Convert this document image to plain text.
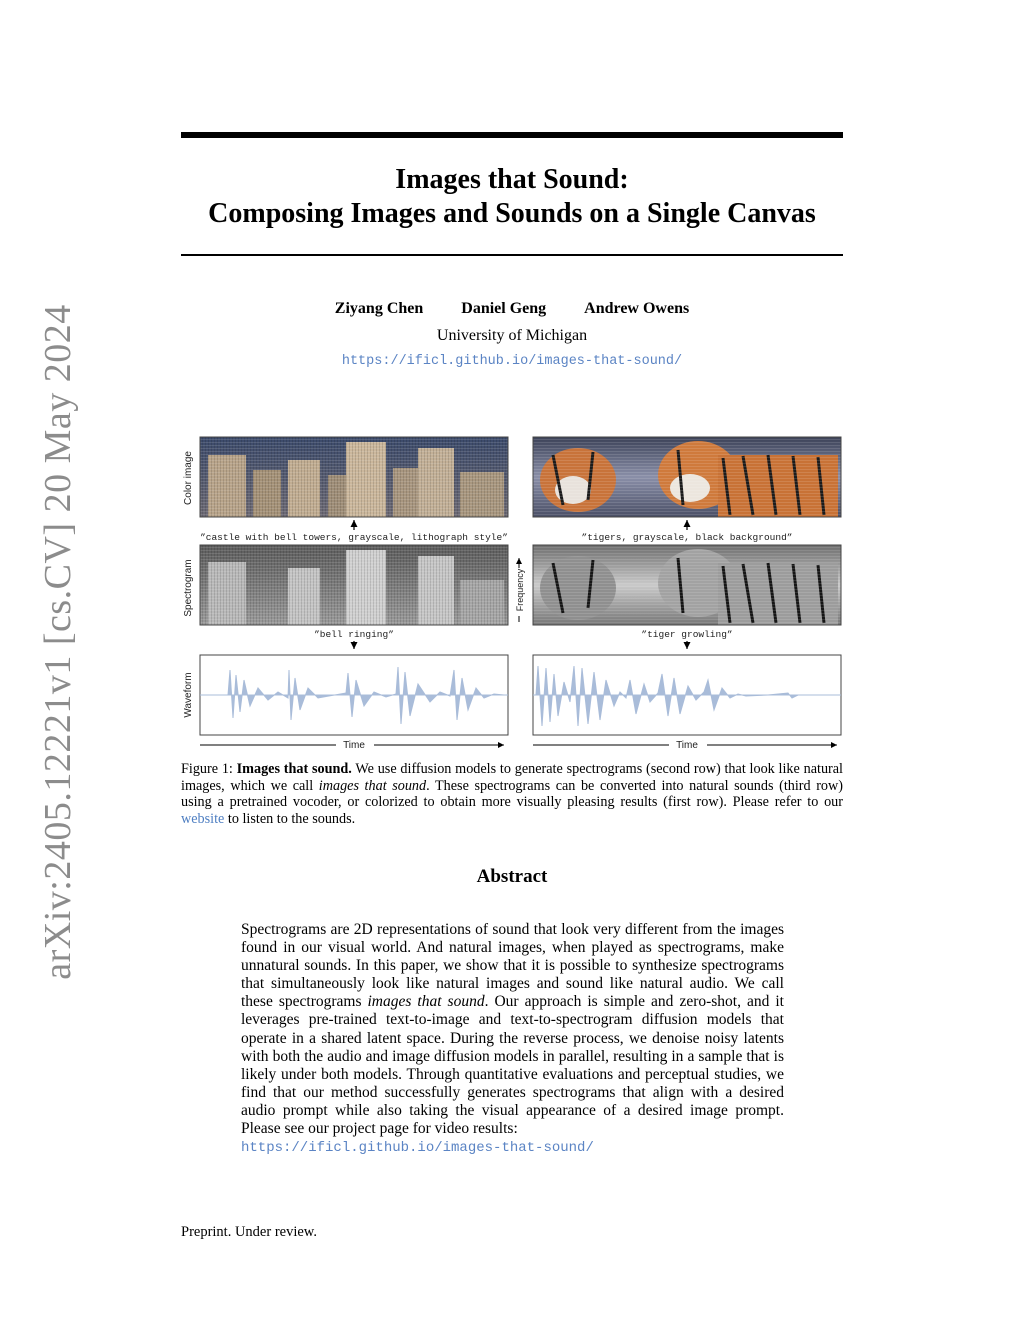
arXiv:2405.12221v1 [cs.CV] 20 May 2024
Images that Sound:
Composing Images and Sounds on a Single Canvas
Ziyang Chen Daniel Geng Andrew Owens
University of Michigan
https://ificl.github.io/images-that-sound/
Color image
Spectrogram
Waveform
”castle with bell towers, grayscale, lithograph style”	”tigers, grayscale, black background”
Frequency
”bell ringing”	”tiger growling”
Time	Time
Figure 1: Images that sound. We use diffusion models to generate spectrograms (second row) that look like natural images, which we call images that sound. These spectrograms can be converted into natural sounds (third row) using a pretrained vocoder, or colorized to obtain more visually pleasing results (first row). Please refer to our website to listen to the sounds.
Abstract
Spectrograms are 2D representations of sound that look very different from the images found in our visual world. And natural images, when played as spectrograms, make unnatural sounds. In this paper, we show that it is possible to synthesize spectrograms that simultaneously look like natural images and sound like natural audio. We call these spectrograms images that sound. Our approach is simple and zero-shot, and it leverages pre-trained text-to-image and text-to-spectrogram diffusion models that operate in a shared latent space. During the reverse process, we denoise noisy latents with both the audio and image diffusion models in parallel, resulting in a sample that is likely under both models. Through quantitative evaluations and perceptual studies, we find that our method successfully generates spectrograms that align with a desired audio prompt while also taking the visual appearance of a desired image prompt. Please see our project page for video results:
https://ificl.github.io/images-that-sound/
Preprint. Under review.
